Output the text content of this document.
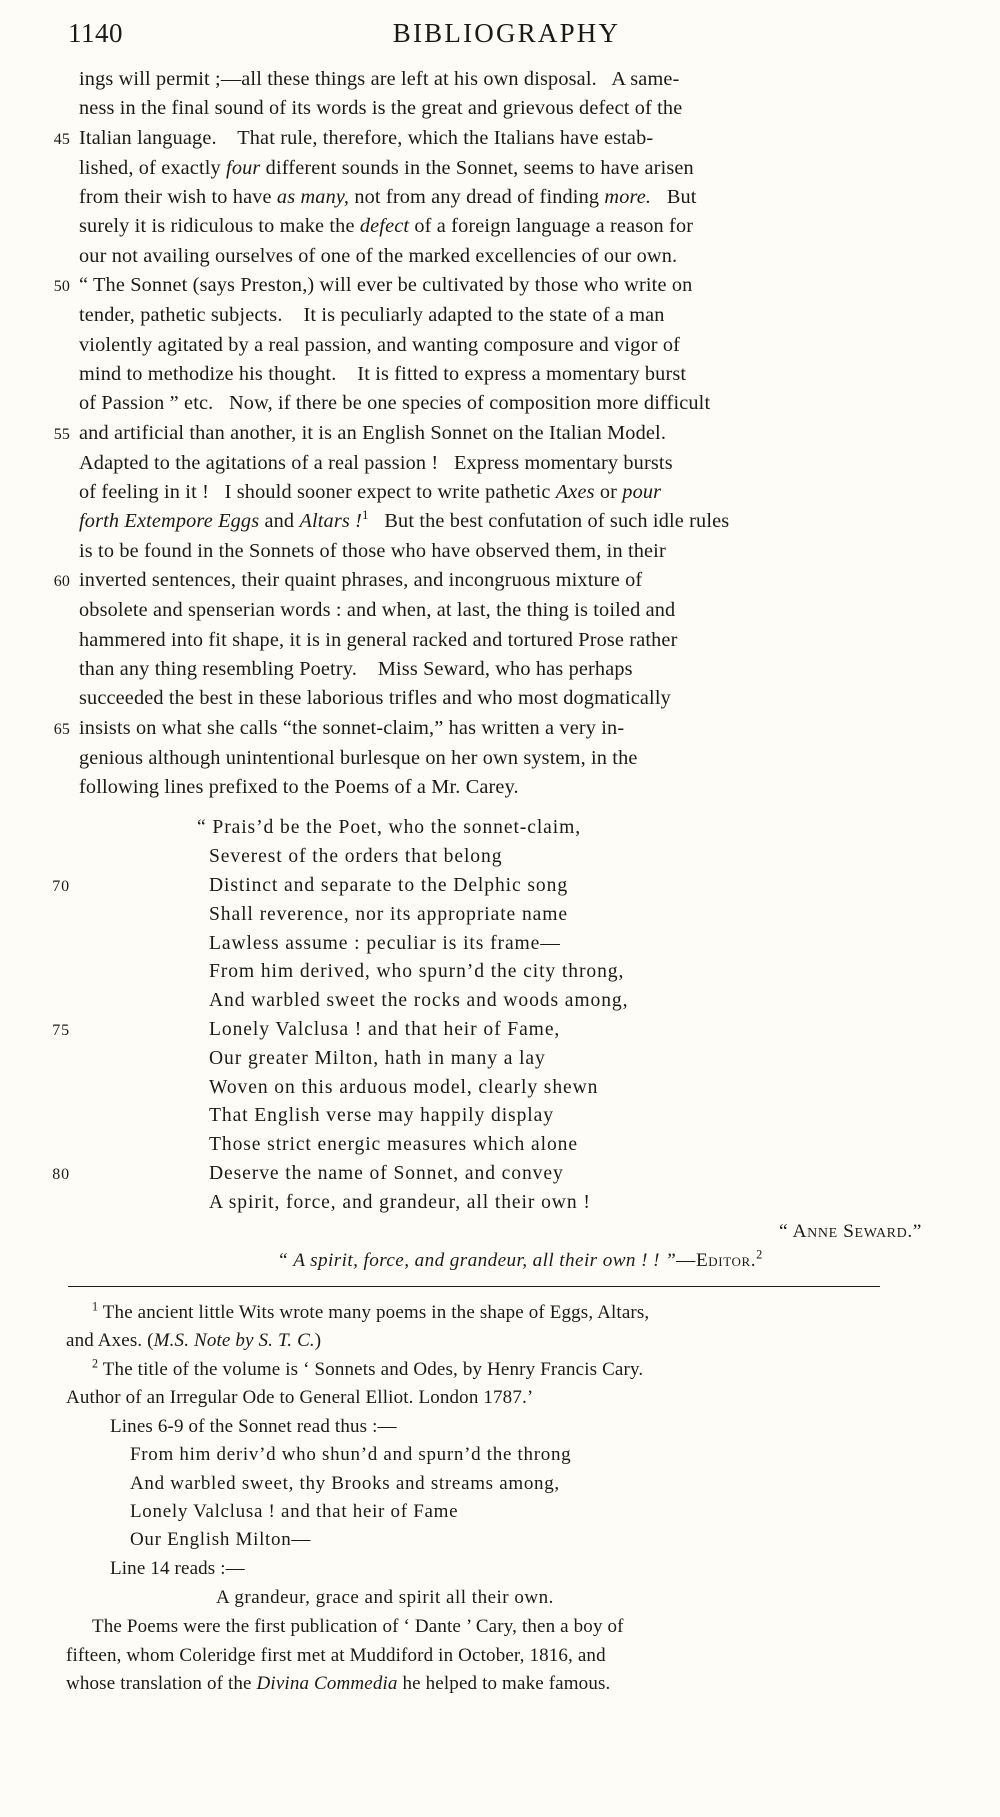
1140	BIBLIOGRAPHY
ings will permit ;—all these things are left at his own disposal.   A same-
ness in the final sound of its words is the great and grievous defect of the
45 Italian language.    That rule, therefore, which the Italians have estab-
lished, of exactly four different sounds in the Sonnet, seems to have arisen
from their wish to have as many, not from any dread of finding more.   But
surely it is ridiculous to make the defect of a foreign language a reason for
our not availing ourselves of one of the marked excellencies of our own.
50 “ The Sonnet (says Preston,) will ever be cultivated by those who write on
tender, pathetic subjects.    It is peculiarly adapted to the state of a man
violently agitated by a real passion, and wanting composure and vigor of
mind to methodize his thought.    It is fitted to express a momentary burst
of Passion ” etc.   Now, if there be one species of composition more difficult
55 and artificial than another, it is an English Sonnet on the Italian Model.
Adapted to the agitations of a real passion !   Express momentary bursts
of feeling in it !   I should sooner expect to write pathetic Axes or pour
forth Extempore Eggs and Altars !$^1$   But the best confutation of such idle rules
is to be found in the Sonnets of those who have observed them, in their
60 inverted sentences, their quaint phrases, and incongruous mixture of
obsolete and spenserian words : and when, at last, the thing is toiled and
hammered into fit shape, it is in general racked and tortured Prose rather
than any thing resembling Poetry.    Miss Seward, who has perhaps
succeeded the best in these laborious trifles and who most dogmatically
65 insists on what she calls “the sonnet-claim,” has written a very in-
genious although unintentional burlesque on her own system, in the
following lines prefixed to the Poems of a Mr. Carey.
“ Prais’d be the Poet, who the sonnet-claim,
Severest of the orders that belong
70	Distinct and separate to the Delphic song
Shall reverence, nor its appropriate name
Lawless assume : peculiar is its frame—
From him derived, who spurn’d the city throng,
And warbled sweet the rocks and woods among,
75	Lonely Valclusa ! and that heir of Fame,
Our greater Milton, hath in many a lay
Woven on this arduous model, clearly shewn
That English verse may happily display
Those strict energic measures which alone
80	Deserve the name of Sonnet, and convey
A spirit, force, and grandeur, all their own !
“ Anne Seward.”
“ A spirit, force, and grandeur, all their own ! ! ”—Editor.$^2$
$^1$ The ancient little Wits wrote many poems in the shape of Eggs, Altars,
and Axes. (M.S. Note by S. T. C.)
$^2$ The title of the volume is ‘ Sonnets and Odes, by Henry Francis Cary.
Author of an Irregular Ode to General Elliot. London 1787.’
Lines 6-9 of the Sonnet read thus :—
From him deriv’d who shun’d and spurn’d the throng
And warbled sweet, thy Brooks and streams among,
Lonely Valclusa ! and that heir of Fame
Our English Milton—
Line 14 reads :—
A grandeur, grace and spirit all their own.
The Poems were the first publication of ‘ Dante ’ Cary, then a boy of
fifteen, whom Coleridge first met at Muddiford in October, 1816, and
whose translation of the Divina Commedia he helped to make famous.
